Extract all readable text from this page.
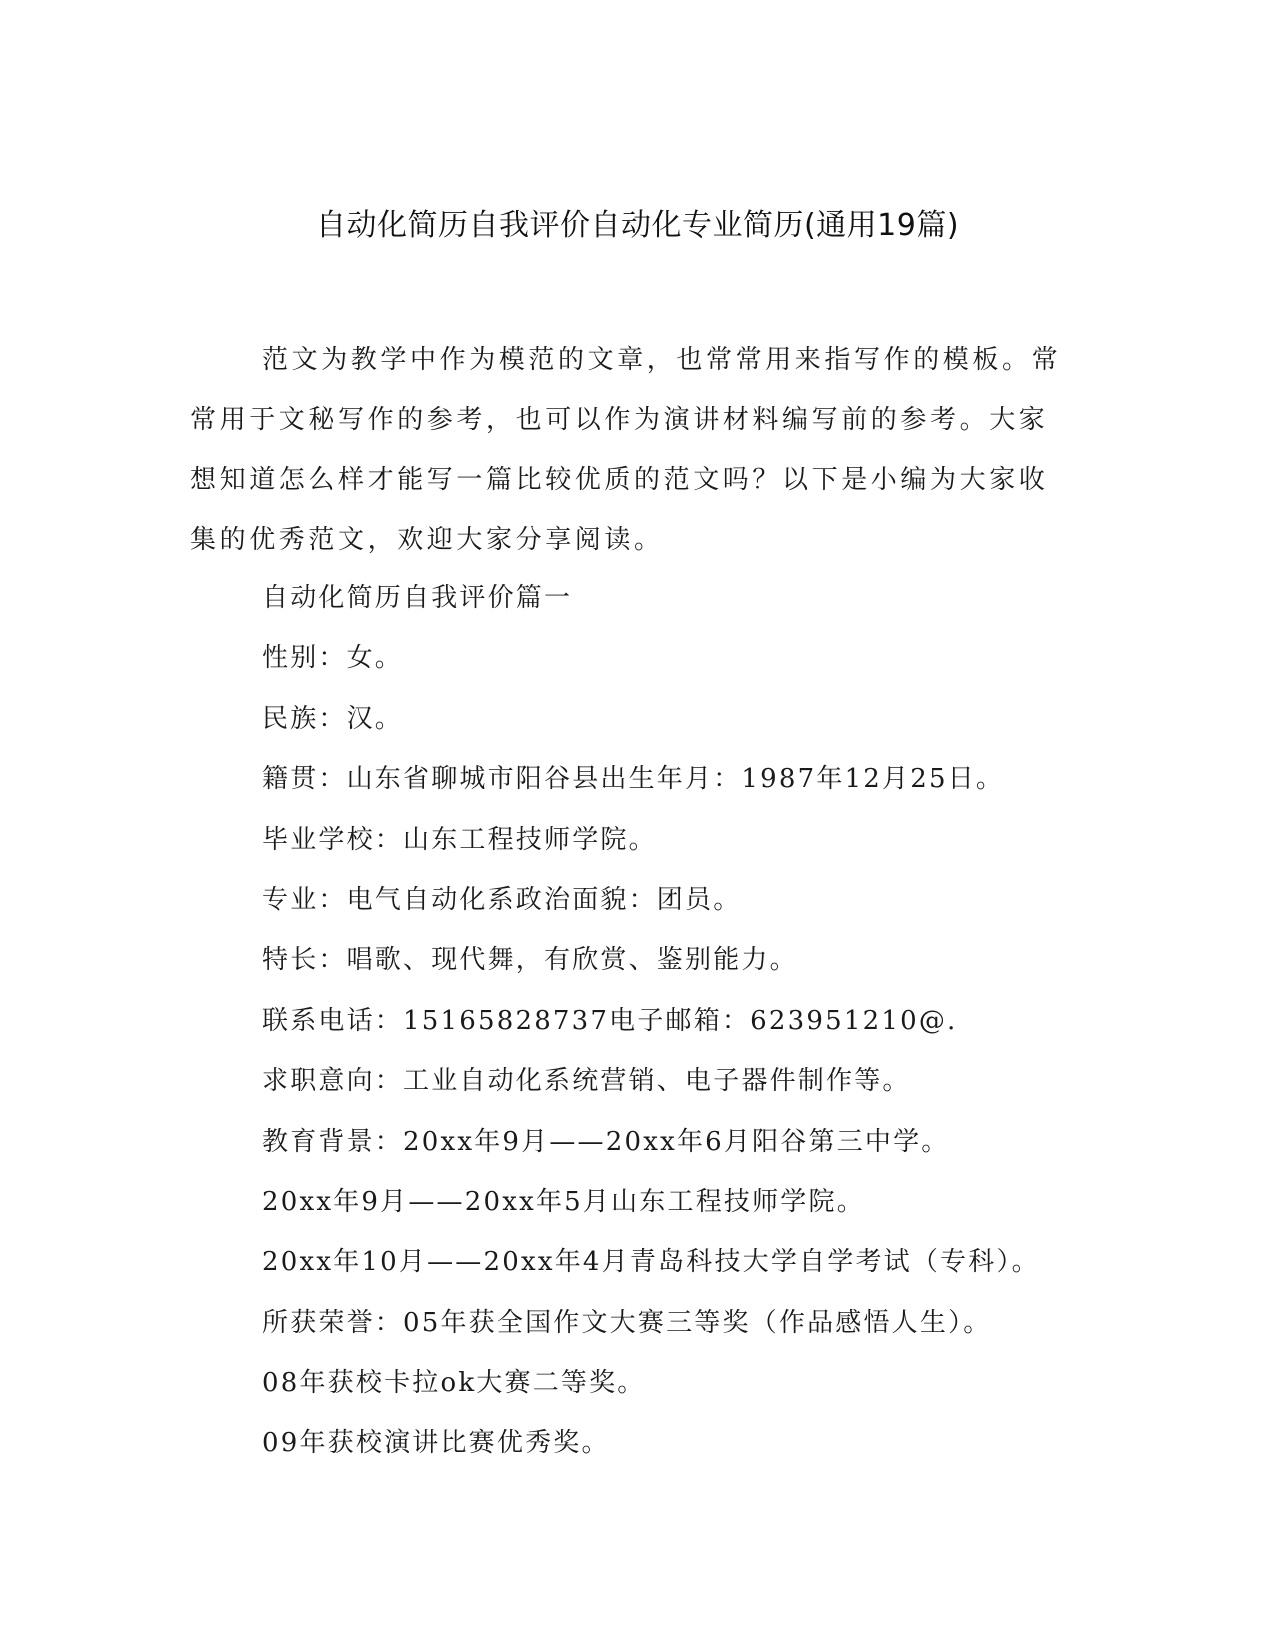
自动化简历自我评价自动化专业简历(通用19篇)

范文为教学中作为模范的文章，也常常用来指写作的模板。常常用于文秘写作的参考，也可以作为演讲材料编写前的参考。大家想知道怎么样才能写一篇比较优质的范文吗？以下是小编为大家收集的优秀范文，欢迎大家分享阅读。

自动化简历自我评价篇一
性别：女。
民族：汉。
籍贯：山东省聊城市阳谷县出生年月：1987年12月25日。
毕业学校：山东工程技师学院。
专业：电气自动化系政治面貌：团员。
特长：唱歌、现代舞，有欣赏、鉴别能力。
联系电话：15165828737电子邮箱：623951210@.
求职意向：工业自动化系统营销、电子器件制作等。
教育背景：20xx年9月——20xx年6月阳谷第三中学。
20xx年9月——20xx年5月山东工程技师学院。
20xx年10月——20xx年4月青岛科技大学自学考试（专科）。
所获荣誉：05年获全国作文大赛三等奖（作品感悟人生）。
08年获校卡拉ok大赛二等奖。
09年获校演讲比赛优秀奖。
